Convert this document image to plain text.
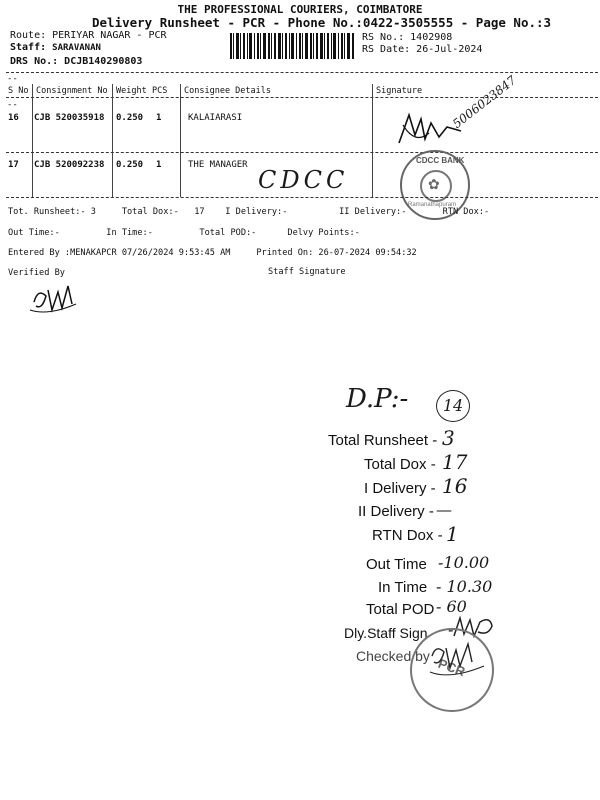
THE PROFESSIONAL COURIERS, COIMBATORE
Delivery Runsheet - PCR - Phone No.:0422-3505555 - Page No.:3
Route: PERIYAR NAGAR - PCR
Staff: SARAVANAN
DRS No.: DCJB140290803
RS No.: 1402908
RS Date: 26-Jul-2024
--
S No Consignment No Weight PCS Consignee Details	Signature
--
16 CJB 520035918 0.250 1	KALAIARASI	5006023847
17 CJB 520092238 0.250 1	THE MANAGER
CDCC
CDCC BANK
✿
Ramanathapuram
Tot. Runsheet:- 3     Total Dox:-   17    I Delivery:-          II Delivery:-       RTN Dox:-
Out Time:-         In Time:-         Total POD:-      Delvy Points:-
Entered By :MENAKAPCR 07/26/2024 9:53:45 AM     Printed On: 26-07-2024 09:54:32
Verified By	Staff Signature
D.P:-	14
Total Runsheet - 3
Total Dox - 17
I Delivery - 16
II Delivery - —
RTN Dox - 1
Out Time -10.00
In Time - 10.30
Total POD - 60
Dly.Staff Sign -
Checked by PCR
